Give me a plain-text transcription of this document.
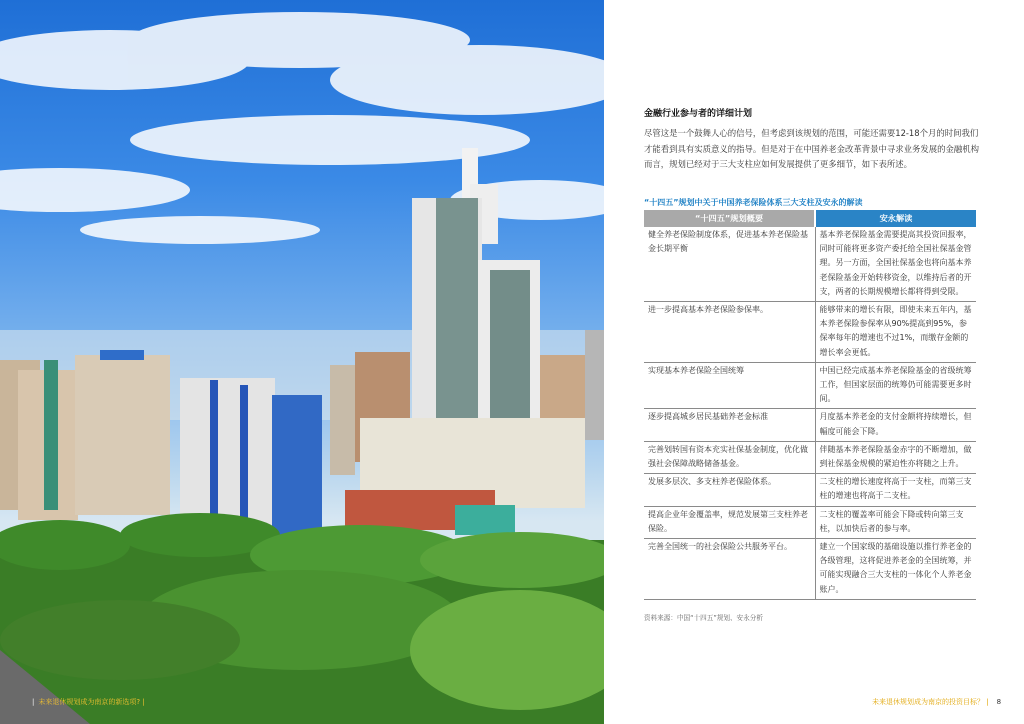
| 未来退休规划成为南京的新选项? |
金融行业参与者的详细计划
尽管这是一个鼓舞人心的信号，但考虑到该规划的范围，可能还需要12-18个月的时间我们才能看到具有实质意义的指导。但是对于在中国养老金改革背景中寻求业务发展的金融机构而言，规划已经对于三大支柱应如何发展提供了更多细节，如下表所述。
“十四五”规划中关于中国养老保险体系三大支柱及安永的解读
“十四五”规划概要	安永解读
健全养老保险制度体系，促进基本养老保险基金长期平衡	基本养老保险基金需要提高其投资回报率，同时可能将更多资产委托给全国社保基金管理。另一方面，全国社保基金也将向基本养老保险基金开始转移资金，以维持后者的开支，两者的长期规模增长都将得到受限。
进一步提高基本养老保险参保率。	能够带来的增长有限，即使未来五年内，基本养老保险参保率从90%提高到95%，参保率每年的增速也不过1%，而缴存金额的增长率会更低。
实现基本养老保险全国统筹	中国已经完成基本养老保险基金的省级统筹工作，但国家层面的统筹仍可能需要更多时间。
逐步提高城乡居民基础养老金标准	月度基本养老金的支付金额将持续增长，但幅度可能会下降。
完善划转国有资本充实社保基金制度，优化做强社会保障战略储备基金。	伴随基本养老保险基金赤字的不断增加，做到社保基金规模的紧迫性亦将随之上升。
发展多层次、多支柱养老保险体系。	二支柱的增长速度将高于一支柱，而第三支柱的增速也将高于二支柱。
提高企业年金覆盖率，规范发展第三支柱养老保险。	二支柱的覆盖率可能会下降或转向第三支柱，以加快后者的参与率。
完善全国统一的社会保险公共服务平台。	建立一个国家级的基础设施以推行养老金的各级管理，这将促进养老金的全国统筹，并可能实现融合三大支柱的一体化个人养老金账户。
资料来源：中国“十四五”规划、安永分析
未来退休规划成为南京的投资目标？ | 8
